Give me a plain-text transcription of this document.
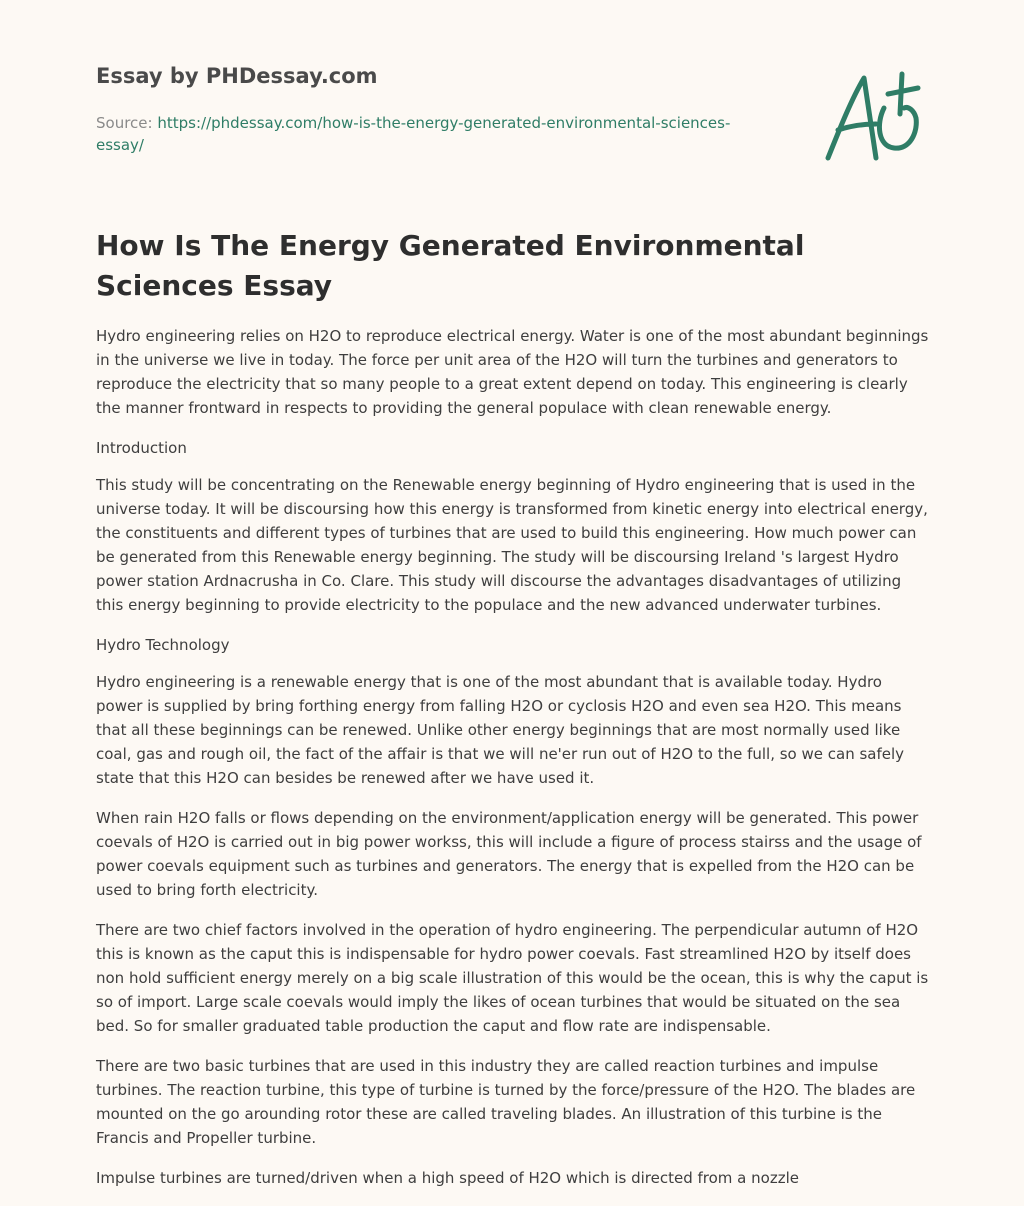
Essay by PHDessay.com

Source: https://phdessay.com/how-is-the-energy-generated-environmental-sciences-essay/

How Is The Energy Generated Environmental Sciences Essay

Hydro engineering relies on H2O to reproduce electrical energy. Water is one of the most abundant beginnings in the universe we live in today. The force per unit area of the H2O will turn the turbines and generators to reproduce the electricity that so many people to a great extent depend on today. This engineering is clearly the manner frontward in respects to providing the general populace with clean renewable energy.

Introduction

This study will be concentrating on the Renewable energy beginning of Hydro engineering that is used in the universe today. It will be discoursing how this energy is transformed from kinetic energy into electrical energy, the constituents and different types of turbines that are used to build this engineering. How much power can be generated from this Renewable energy beginning. The study will be discoursing Ireland 's largest Hydro power station Ardnacrusha in Co. Clare. This study will discourse the advantages disadvantages of utilizing this energy beginning to provide electricity to the populace and the new advanced underwater turbines.

Hydro Technology

Hydro engineering is a renewable energy that is one of the most abundant that is available today. Hydro power is supplied by bring forthing energy from falling H2O or cyclosis H2O and even sea H2O. This means that all these beginnings can be renewed. Unlike other energy beginnings that are most normally used like coal, gas and rough oil, the fact of the affair is that we will ne'er run out of H2O to the full, so we can safely state that this H2O can besides be renewed after we have used it.

When rain H2O falls or flows depending on the environment/application energy will be generated. This power coevals of H2O is carried out in big power workss, this will include a figure of process stairss and the usage of power coevals equipment such as turbines and generators. The energy that is expelled from the H2O can be used to bring forth electricity.

There are two chief factors involved in the operation of hydro engineering. The perpendicular autumn of H2O this is known as the caput this is indispensable for hydro power coevals. Fast streamlined H2O by itself does non hold sufficient energy merely on a big scale illustration of this would be the ocean, this is why the caput is so of import. Large scale coevals would imply the likes of ocean turbines that would be situated on the sea bed. So for smaller graduated table production the caput and flow rate are indispensable.

There are two basic turbines that are used in this industry they are called reaction turbines and impulse turbines. The reaction turbine, this type of turbine is turned by the force/pressure of the H2O. The blades are mounted on the go arounding rotor these are called traveling blades. An illustration of this turbine is the Francis and Propeller turbine.

Impulse turbines are turned/driven when a high speed of H2O which is directed from a nozzle
